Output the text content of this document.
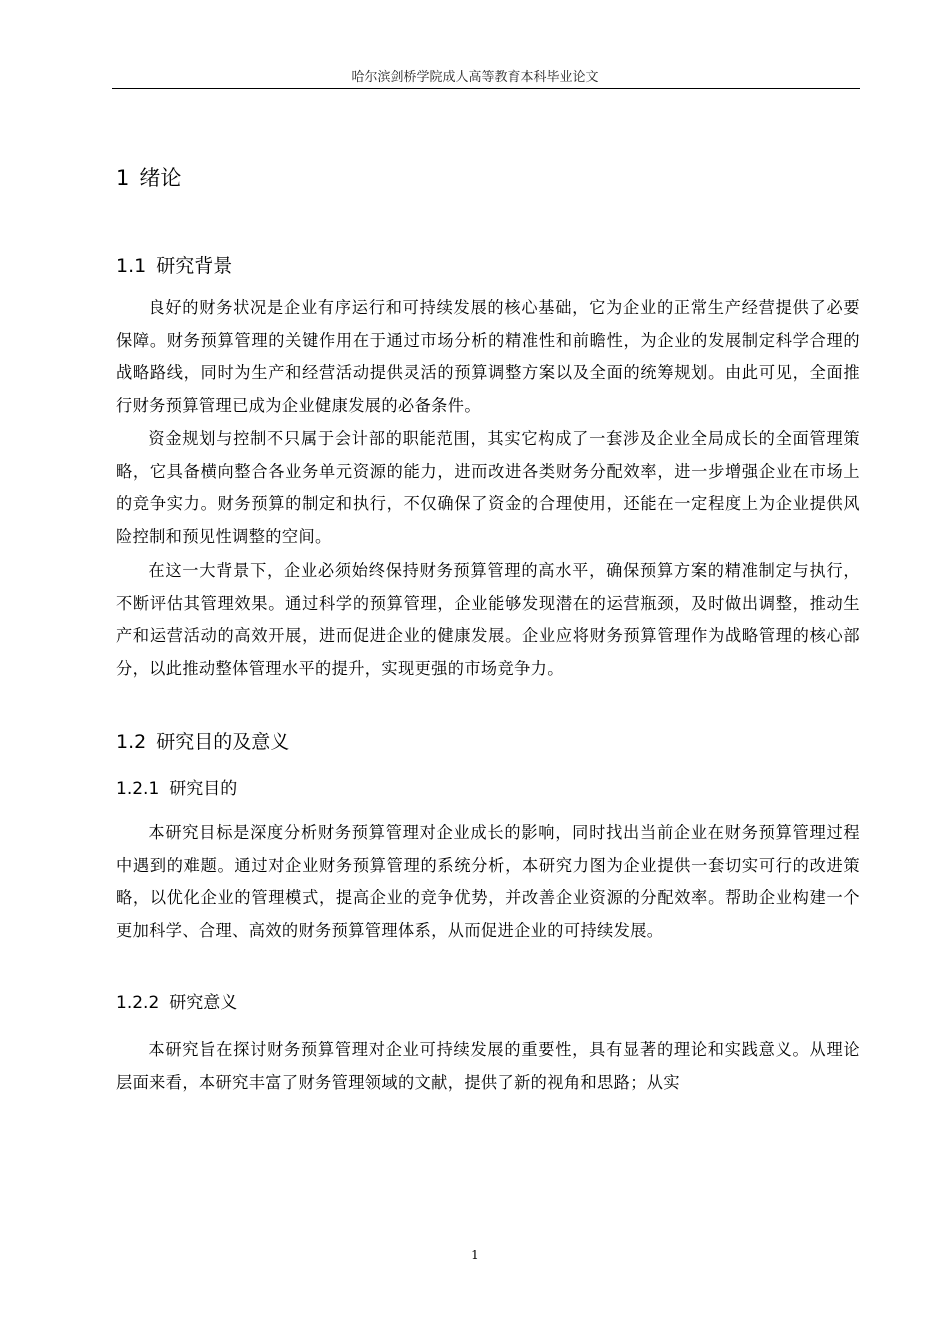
哈尔滨剑桥学院成人高等教育本科毕业论文
1 绪论
1.1 研究背景

良好的财务状况是企业有序运行和可持续发展的核心基础，它为企业的正常生产经营提供了必要保障。财务预算管理的关键作用在于通过市场分析的精准性和前瞻性，为企业的发展制定科学合理的战略路线，同时为生产和经营活动提供灵活的预算调整方案以及全面的统筹规划。由此可见，全面推行财务预算管理已成为企业健康发展的必备条件。

资金规划与控制不只属于会计部的职能范围，其实它构成了一套涉及企业全局成长的全面管理策略，它具备横向整合各业务单元资源的能力，进而改进各类财务分配效率，进一步增强企业在市场上的竞争实力。财务预算的制定和执行，不仅确保了资金的合理使用，还能在一定程度上为企业提供风险控制和预见性调整的空间。

在这一大背景下，企业必须始终保持财务预算管理的高水平，确保预算方案的精准制定与执行，不断评估其管理效果。通过科学的预算管理，企业能够发现潜在的运营瓶颈，及时做出调整，推动生产和运营活动的高效开展，进而促进企业的健康发展。企业应将财务预算管理作为战略管理的核心部分，以此推动整体管理水平的提升，实现更强的市场竞争力。

1.2 研究目的及意义
1.2.1 研究目的

本研究目标是深度分析财务预算管理对企业成长的影响，同时找出当前企业在财务预算管理过程中遇到的难题。通过对企业财务预算管理的系统分析，本研究力图为企业提供一套切实可行的改进策略，以优化企业的管理模式，提高企业的竞争优势，并改善企业资源的分配效率。帮助企业构建一个更加科学、合理、高效的财务预算管理体系，从而促进企业的可持续发展。

1.2.2 研究意义

本研究旨在探讨财务预算管理对企业可持续发展的重要性，具有显著的理论和实践意义。从理论层面来看，本研究丰富了财务管理领域的文献，提供了新的视角和思路；从实

1
